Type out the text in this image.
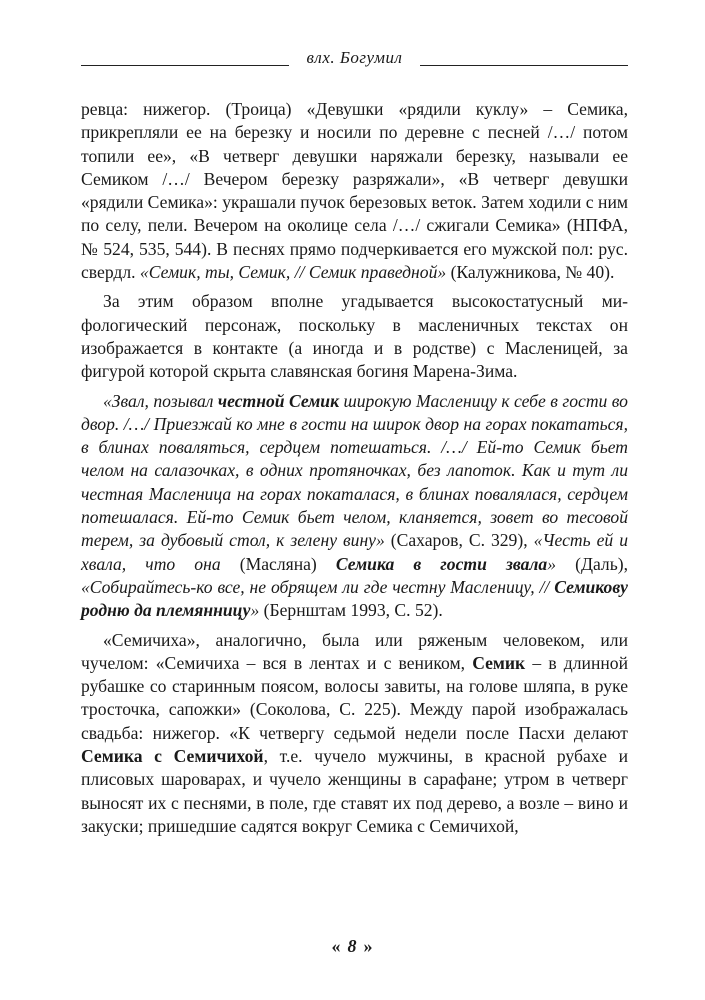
влх. Богумил

ревца: нижегор. (Троица) «Девушки «рядили куклу» – Семика, прикрепляли ее на березку и носили по деревне с песней /…/ потом топили ее», «В четверг девушки наряжали березку, называли ее Семиком /…/ Вечером березку разряжали», «В четверг девушки «рядили Семика»: украшали пучок березовых веток. Затем ходили с ним по селу, пели. Вечером на околице села /…/ сжигали Семика» (НПФА, № 524, 535, 544). В песнях прямо подчеркивается его мужской пол: рус. свердл. «Семик, ты, Семик, // Семик праведной» (Калужникова, № 40).

За этим образом вполне угадывается высокостатусный мифологический персонаж, поскольку в масленичных текстах он изображается в контакте (а иногда и в родстве) с Масленицей, за фигурой которой скрыта славянская богиня Марена-Зима.

«Звал, позывал честной Семик широкую Масленицу к себе в гости во двор. /…/ Приезжай ко мне в гости на широк двор на горах покататься, в блинах поваляться, сердцем потешаться. /…/ Ей-то Семик бьет челом на салазочках, в одних протяночках, без лапоток. Как и тут ли честная Масленица на горах покаталася, в блинах повалялася, сердцем потешалася. Ей-то Семик бьет челом, кланяется, зовет во тесовой терем, за дубовый стол, к зелену вину» (Сахаров, С. 329), «Честь ей и хвала, что она (Масляна) Семика в гости звала» (Даль), «Собирайтесь-ко все, не обрящем ли где честну Масленицу, // Семикову родню да племянницу» (Бернштам 1993, С. 52).

«Семичиха», аналогично, была или ряженым человеком, или чучелом: «Семичиха – вся в лентах и с веником, Семик – в длинной рубашке со старинным поясом, волосы завиты, на голове шляпа, в руке тросточка, сапожки» (Соколова, С. 225). Между парой изображалась свадьба: нижегор. «К четвергу седьмой недели после Пасхи делают Семика с Семичихой, т.е. чучело мужчины, в красной рубахе и плисовых шароварах, и чучело женщины в сарафане; утром в четверг выносят их с песнями, в поле, где ставят их под дерево, а возле – вино и закуски; пришедшие садятся вокруг Семика с Семичихой,

« 8 »
